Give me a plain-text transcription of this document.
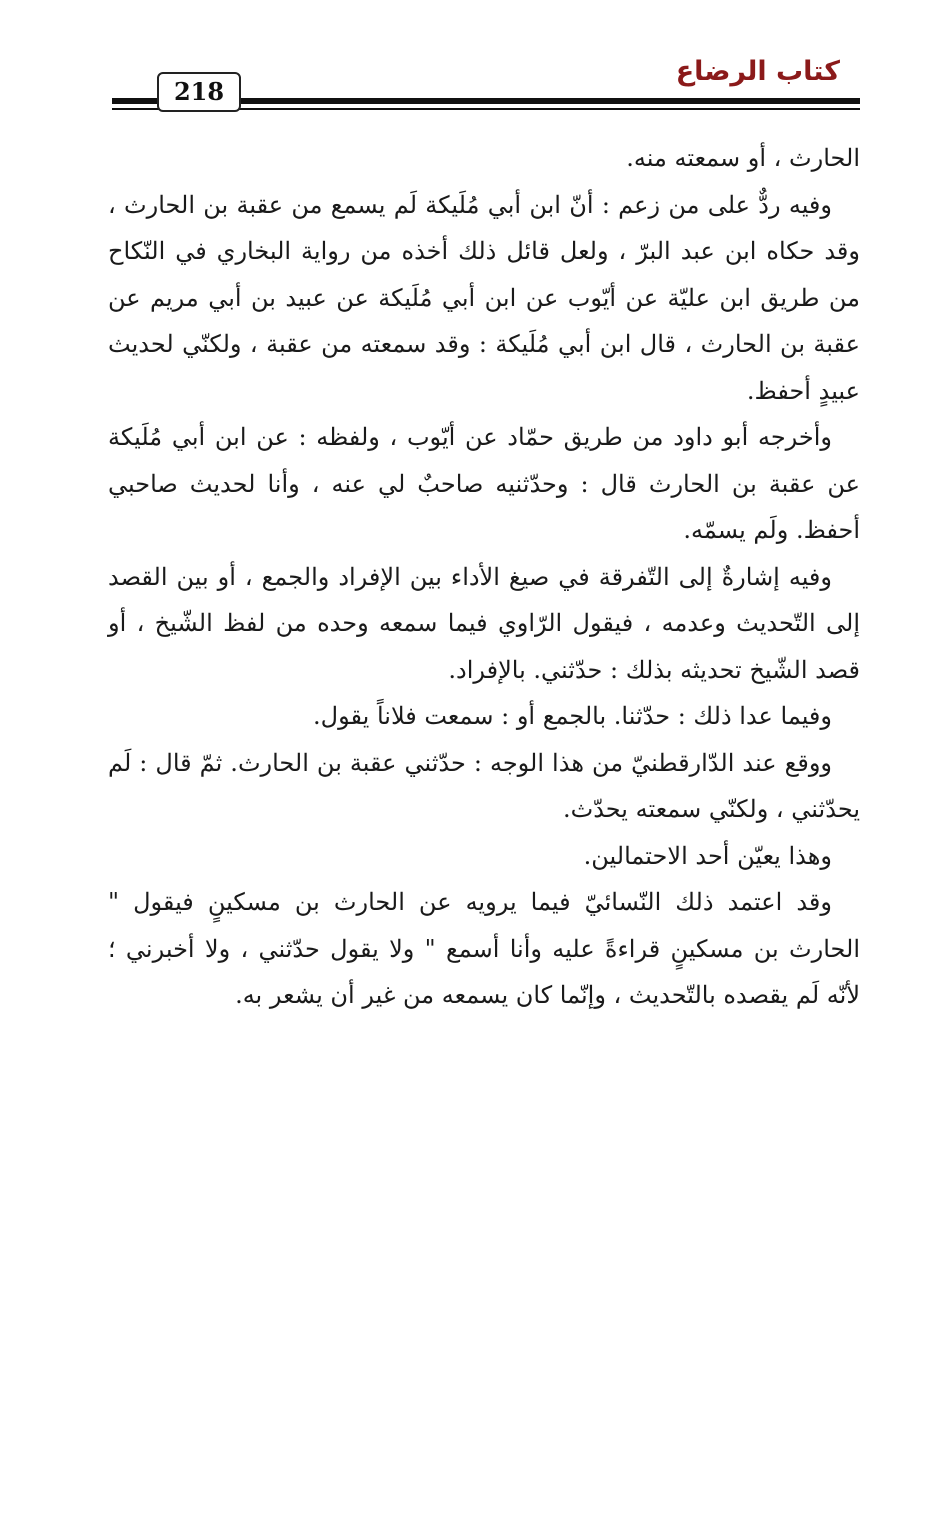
كتاب الرضاع
218

الحارث ، أو سمعته منه.

وفيه ردٌّ على من زعم : أنّ ابن أبي مُلَيكة لَم يسمع من عقبة بن الحارث ، وقد حكاه ابن عبد البرّ ، ولعل قائل ذلك أخذه من رواية البخاري في النّكاح من طريق ابن عليّة عن أيّوب عن ابن أبي مُلَيكة عن عبيد بن أبي مريم عن عقبة بن الحارث ، قال ابن أبي مُلَيكة : وقد سمعته من عقبة ، ولكنّي لحديث عبيدٍ أحفظ.

وأخرجه أبو داود من طريق حمّاد عن أيّوب ، ولفظه : عن ابن أبي مُلَيكة عن عقبة بن الحارث قال : وحدّثنيه صاحبٌ لي عنه ، وأنا لحديث صاحبي أحفظ. ولَم يسمّه.

وفيه إشارةٌ إلى التّفرقة في صيغ الأداء بين الإفراد والجمع ، أو بين القصد إلى التّحديث وعدمه ، فيقول الرّاوي فيما سمعه وحده من لفظ الشّيخ ، أو قصد الشّيخ تحديثه بذلك : حدّثني. بالإفراد.

وفيما عدا ذلك : حدّثنا. بالجمع أو : سمعت فلاناً يقول.

ووقع عند الدّارقطنيّ من هذا الوجه : حدّثني عقبة بن الحارث. ثمّ قال : لَم يحدّثني ، ولكنّي سمعته يحدّث.

وهذا يعيّن أحد الاحتمالين.

وقد اعتمد ذلك النّسائيّ فيما يرويه عن الحارث بن مسكينٍ فيقول " الحارث بن مسكينٍ قراءةً عليه وأنا أسمع " ولا يقول حدّثني ، ولا أخبرني ؛ لأنّه لَم يقصده بالتّحديث ، وإنّما كان يسمعه من غير أن يشعر به.
